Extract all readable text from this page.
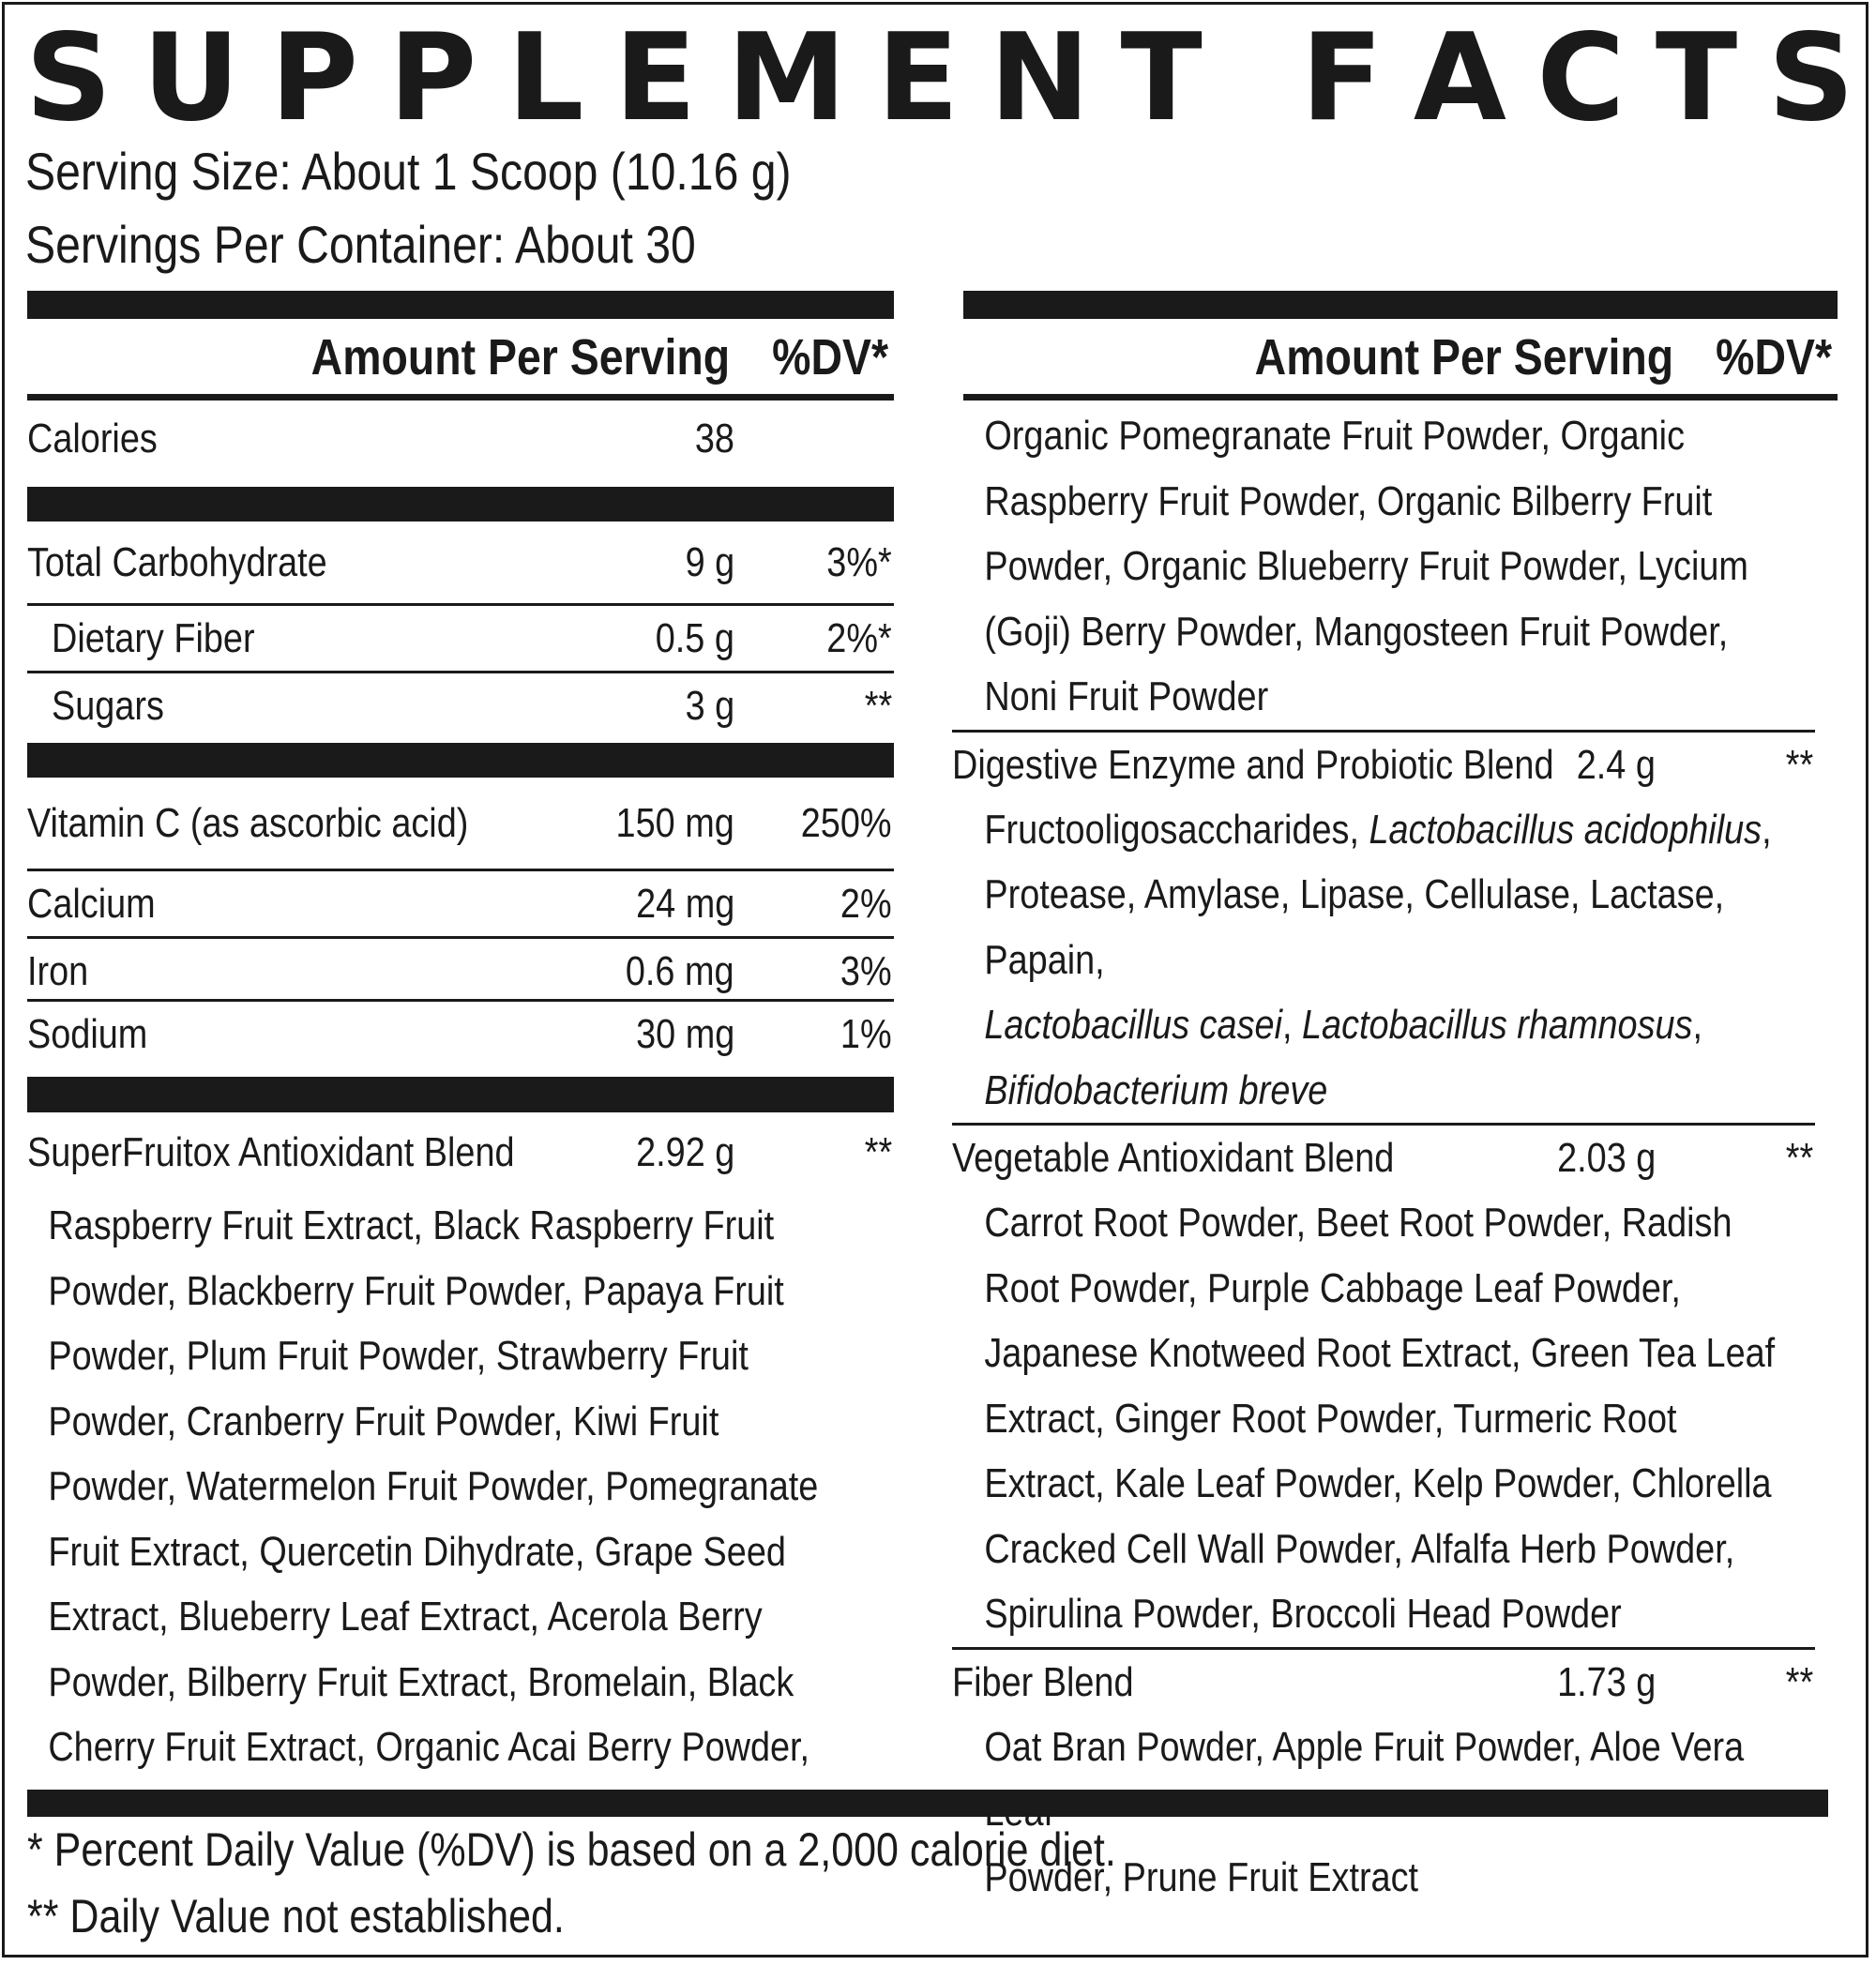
S U P P L E M E N T F A C T S
Serving Size: About 1 Scoop (10.16 g)
Servings Per Container: About 30
Amount Per Serving %DV*
Calories	38
Total Carbohydrate	9 g 3%*
Dietary Fiber	0.5 g 2%*
Sugars	3 g	**
Vitamin C (as ascorbic acid)	150 mg 250%
Calcium	24 mg	2%
Iron	0.6 mg	3%
Sodium	30 mg	1%
SuperFruitox Antioxidant Blend	2.92 g	**
Raspberry Fruit Extract, Black Raspberry Fruit
Powder, Blackberry Fruit Powder, Papaya Fruit
Powder, Plum Fruit Powder, Strawberry Fruit
Powder, Cranberry Fruit Powder, Kiwi Fruit
Powder, Watermelon Fruit Powder, Pomegranate
Fruit Extract, Quercetin Dihydrate, Grape Seed
Extract, Blueberry Leaf Extract, Acerola Berry
Powder, Bilberry Fruit Extract, Bromelain, Black
Cherry Fruit Extract, Organic Acai Berry Powder,
Amount Per Serving %DV*
Organic Pomegranate Fruit Powder, Organic
Raspberry Fruit Powder, Organic Bilberry Fruit
Powder, Organic Blueberry Fruit Powder, Lycium
(Goji) Berry Powder, Mangosteen Fruit Powder,
Noni Fruit Powder
Digestive Enzyme and Probiotic Blend 2.4 g	**
Fructooligosaccharides, Lactobacillus acidophilus,
Protease, Amylase, Lipase, Cellulase, Lactase, Papain,
Lactobacillus casei, Lactobacillus rhamnosus,
Bifidobacterium breve
Vegetable Antioxidant Blend	2.03 g	**
Carrot Root Powder, Beet Root Powder, Radish
Root Powder, Purple Cabbage Leaf Powder,
Japanese Knotweed Root Extract, Green Tea Leaf
Extract, Ginger Root Powder, Turmeric Root
Extract, Kale Leaf Powder, Kelp Powder, Chlorella
Cracked Cell Wall Powder, Alfalfa Herb Powder,
Spirulina Powder, Broccoli Head Powder
Fiber Blend	1.73 g	**
Oat Bran Powder, Apple Fruit Powder, Aloe Vera
Powder, Prune Fruit Extract
* Percent Daily Value (%DV) is based on a 2,000 calorie diet.
** Daily Value not established.
